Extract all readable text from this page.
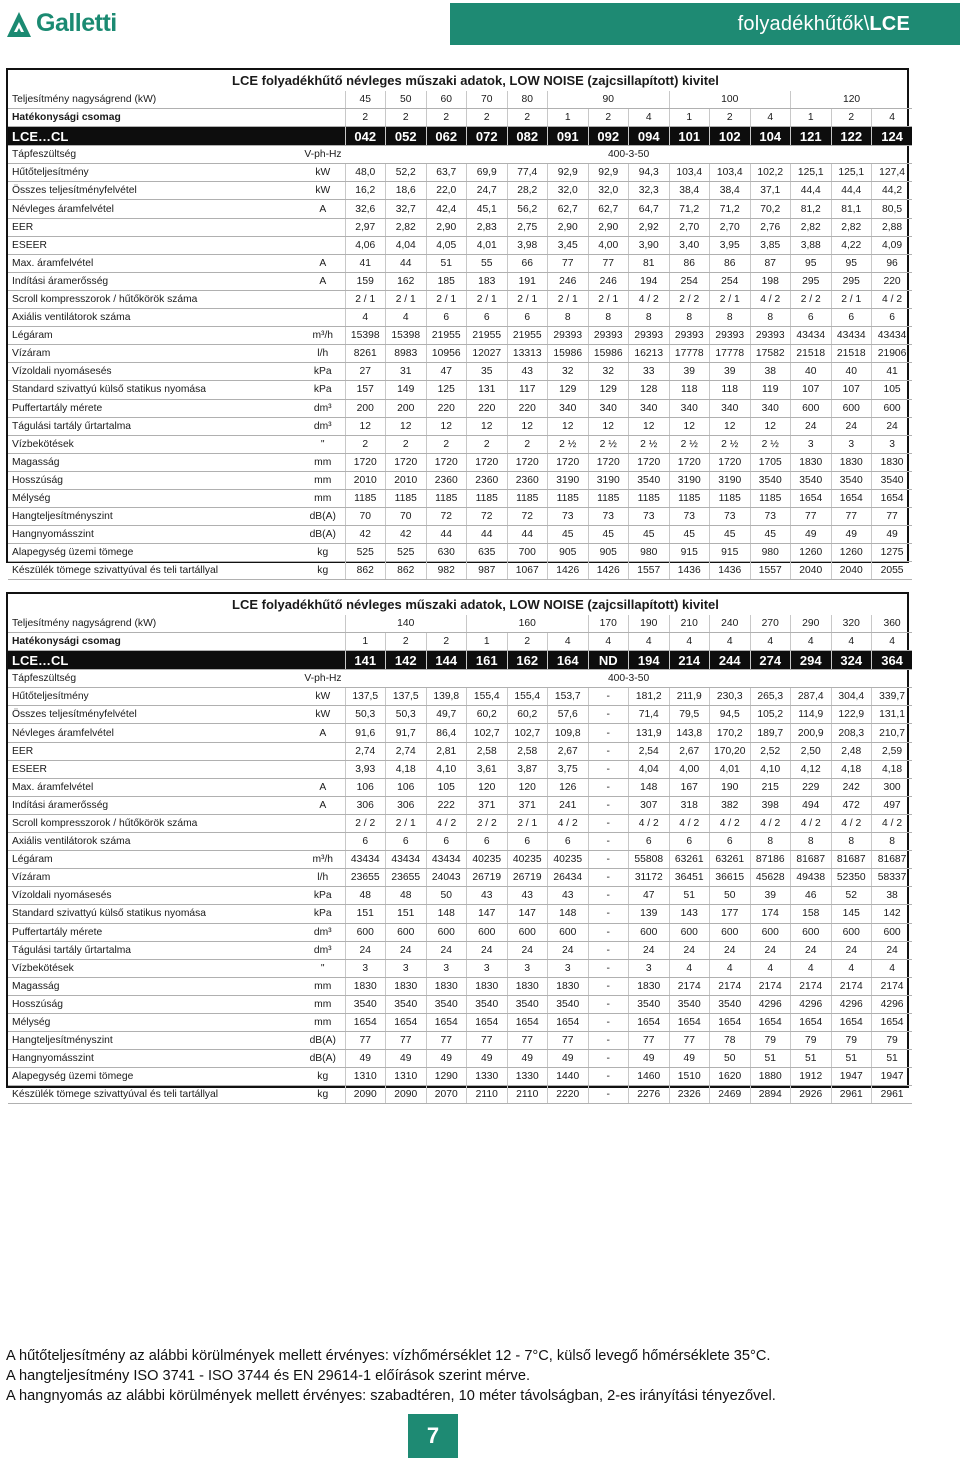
Galletti	folyadékhűtők\LCE
LCE folyadékhűtő névleges műszaki adatok, LOW NOISE (zajcsillapított) kivitel															
Teljesítmény nagyságrend (kW)		45	50	60	70	80	90			100			120		
Hatékonysági csomag		2	2	2	2	2	1	2	4	1	2	4	1	2	4
LCE…CL		042	052	062	072	082	091	092	094	101	102	104	121	122	124
Tápfeszültség	V-ph-Hz	400-3-50													
Hűtőteljesítmény	kW	48,0	52,2	63,7	69,9	77,4	92,9	92,9	94,3	103,4	103,4	102,2	125,1	125,1	127,4
Összes teljesítményfelvétel	kW	16,2	18,6	22,0	24,7	28,2	32,0	32,0	32,3	38,4	38,4	37,1	44,4	44,4	44,2
Névleges áramfelvétel	A	32,6	32,7	42,4	45,1	56,2	62,7	62,7	64,7	71,2	71,2	70,2	81,2	81,1	80,5
EER		2,97	2,82	2,90	2,83	2,75	2,90	2,90	2,92	2,70	2,70	2,76	2,82	2,82	2,88
ESEER		4,06	4,04	4,05	4,01	3,98	3,45	4,00	3,90	3,40	3,95	3,85	3,88	4,22	4,09
Max. áramfelvétel	A	41	44	51	55	66	77	77	81	86	86	87	95	95	96
Indítási áramerősség	A	159	162	185	183	191	246	246	194	254	254	198	295	295	220
Scroll kompresszorok / hűtőkörök száma		2 / 1	2 / 1	2 / 1	2 / 1	2 / 1	2 / 1	2 / 1	4 / 2	2 / 2	2 / 1	4 / 2	2 / 2	2 / 1	4 / 2
Axiális ventilátorok száma		4	4	6	6	6	8	8	8	8	8	8	6	6	6
Légáram	m³/h	15398	15398	21955	21955	21955	29393	29393	29393	29393	29393	29393	43434	43434	43434
Vízáram	l/h	8261	8983	10956	12027	13313	15986	15986	16213	17778	17778	17582	21518	21518	21906
Vízoldali nyomásesés	kPa	27	31	47	35	43	32	32	33	39	39	38	40	40	41
Standard szivattyú külső statikus nyomása	kPa	157	149	125	131	117	129	129	128	118	118	119	107	107	105
Puffertartály mérete	dm³	200	200	220	220	220	340	340	340	340	340	340	600	600	600
Tágulási tartály űrtartalma	dm³	12	12	12	12	12	12	12	12	12	12	12	24	24	24
Vízbekötések	"	2	2	2	2	2	2 ½	2 ½	2 ½	2 ½	2 ½	2 ½	3	3	3
Magasság	mm	1720	1720	1720	1720	1720	1720	1720	1720	1720	1720	1705	1830	1830	1830
Hosszúság	mm	2010	2010	2360	2360	2360	3190	3190	3540	3190	3190	3540	3540	3540	3540
Mélység	mm	1185	1185	1185	1185	1185	1185	1185	1185	1185	1185	1185	1654	1654	1654
Hangteljesítményszint	dB(A)	70	70	72	72	72	73	73	73	73	73	73	77	77	77
Hangnyomásszint	dB(A)	42	42	44	44	44	45	45	45	45	45	45	49	49	49
Alapegység üzemi tömege	kg	525	525	630	635	700	905	905	980	915	915	980	1260	1260	1275
Készülék tömege szivattyúval és teli tartállyal	kg	862	862	982	987	1067	1426	1426	1557	1436	1436	1557	2040	2040	2055
LCE folyadékhűtő névleges műszaki adatok, LOW NOISE (zajcsillapított) kivitel															
Teljesítmény nagyságrend (kW)		140			160			170	190	210	240	270	290	320	360
Hatékonysági csomag		1	2	2	1	2	4	4	4	4	4	4	4	4	4
LCE…CL		141	142	144	161	162	164	ND	194	214	244	274	294	324	364
Tápfeszültség	V-ph-Hz	400-3-50													
Hűtőteljesítmény	kW	137,5	137,5	139,8	155,4	155,4	153,7	-	181,2	211,9	230,3	265,3	287,4	304,4	339,7
Összes teljesítményfelvétel	kW	50,3	50,3	49,7	60,2	60,2	57,6	-	71,4	79,5	94,5	105,2	114,9	122,9	131,1
Névleges áramfelvétel	A	91,6	91,7	86,4	102,7	102,7	109,8	-	131,9	143,8	170,2	189,7	200,9	208,3	210,7
EER		2,74	2,74	2,81	2,58	2,58	2,67	-	2,54	2,67	170,20	2,52	2,50	2,48	2,59
ESEER		3,93	4,18	4,10	3,61	3,87	3,75	-	4,04	4,00	4,01	4,10	4,12	4,18	4,18
Max. áramfelvétel	A	106	106	105	120	120	126	-	148	167	190	215	229	242	300
Indítási áramerősség	A	306	306	222	371	371	241	-	307	318	382	398	494	472	497
Scroll kompresszorok / hűtőkörök száma		2 / 2	2 / 1	4 / 2	2 / 2	2 / 1	4 / 2	-	4 / 2	4 / 2	4 / 2	4 / 2	4 / 2	4 / 2	4 / 2
Axiális ventilátorok száma		6	6	6	6	6	6	-	6	6	6	8	8	8	8
Légáram	m³/h	43434	43434	43434	40235	40235	40235	-	55808	63261	63261	87186	81687	81687	81687
Vízáram	l/h	23655	23655	24043	26719	26719	26434	-	31172	36451	36615	45628	49438	52350	58337
Vízoldali nyomásesés	kPa	48	48	50	43	43	43	-	47	51	50	39	46	52	38
Standard szivattyú külső statikus nyomása	kPa	151	151	148	147	147	148	-	139	143	177	174	158	145	142
Puffertartály mérete	dm³	600	600	600	600	600	600	-	600	600	600	600	600	600	600
Tágulási tartály űrtartalma	dm³	24	24	24	24	24	24	-	24	24	24	24	24	24	24
Vízbekötések	"	3	3	3	3	3	3	-	3	4	4	4	4	4	4
Magasság	mm	1830	1830	1830	1830	1830	1830	-	1830	2174	2174	2174	2174	2174	2174
Hosszúság	mm	3540	3540	3540	3540	3540	3540	-	3540	3540	3540	4296	4296	4296	4296
Mélység	mm	1654	1654	1654	1654	1654	1654	-	1654	1654	1654	1654	1654	1654	1654
Hangteljesítményszint	dB(A)	77	77	77	77	77	77	-	77	77	78	79	79	79	79
Hangnyomásszint	dB(A)	49	49	49	49	49	49	-	49	49	50	51	51	51	51
Alapegység üzemi tömege	kg	1310	1310	1290	1330	1330	1440	-	1460	1510	1620	1880	1912	1947	1947
Készülék tömege szivattyúval és teli tartállyal	kg	2090	2090	2070	2110	2110	2220	-	2276	2326	2469	2894	2926	2961	2961
A hűtőteljesítmény az alábbi körülmények mellett érvényes: vízhőmérséklet 12 - 7°C, külső levegő hőmérséklete 35°C.
A hangteljesítmény ISO 3741 - ISO 3744 és EN 29614-1 előírások szerint mérve.
A hangnyomás az alábbi körülmények mellett érvényes: szabadtéren, 10 méter távolságban, 2-es irányítási tényezővel.
7
